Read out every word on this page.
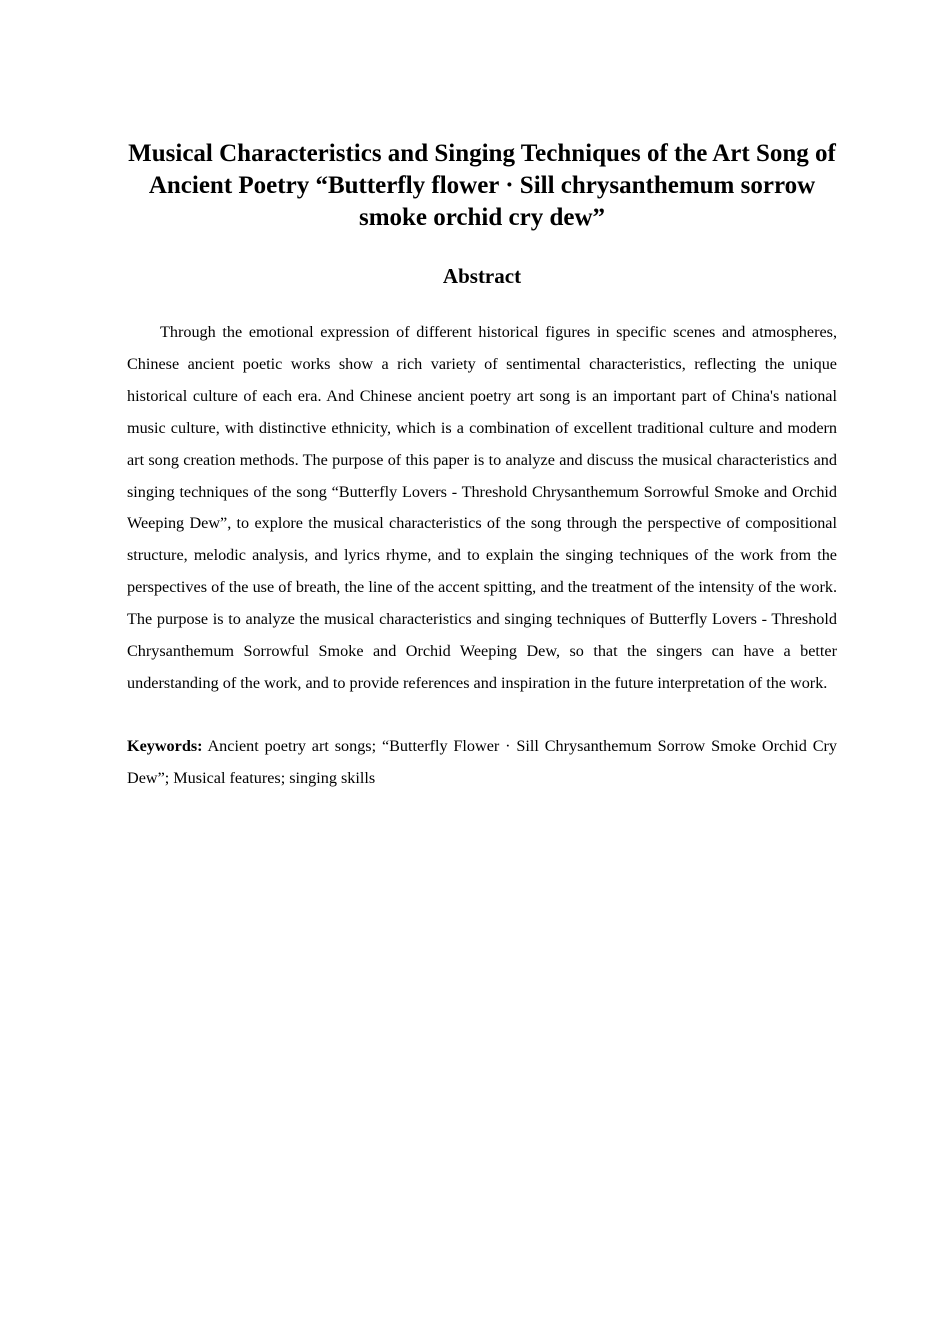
Musical Characteristics and Singing Techniques of the Art Song of Ancient Poetry “Butterfly flower · Sill chrysanthemum sorrow smoke orchid cry dew”
Abstract

Through the emotional expression of different historical figures in specific scenes and atmospheres, Chinese ancient poetic works show a rich variety of sentimental characteristics, reflecting the unique historical culture of each era. And Chinese ancient poetry art song is an important part of China's national music culture, with distinctive ethnicity, which is a combination of excellent traditional culture and modern art song creation methods. The purpose of this paper is to analyze and discuss the musical characteristics and singing techniques of the song “Butterfly Lovers - Threshold Chrysanthemum Sorrowful Smoke and Orchid Weeping Dew”, to explore the musical characteristics of the song through the perspective of compositional structure, melodic analysis, and lyrics rhyme, and to explain the singing techniques of the work from the perspectives of the use of breath, the line of the accent spitting, and the treatment of the intensity of the work. The purpose is to analyze the musical characteristics and singing techniques of Butterfly Lovers - Threshold Chrysanthemum Sorrowful Smoke and Orchid Weeping Dew, so that the singers can have a better understanding of the work, and to provide references and inspiration in the future interpretation of the work.

Keywords: Ancient poetry art songs; “Butterfly Flower · Sill Chrysanthemum Sorrow Smoke Orchid Cry Dew”; Musical features; singing skills
